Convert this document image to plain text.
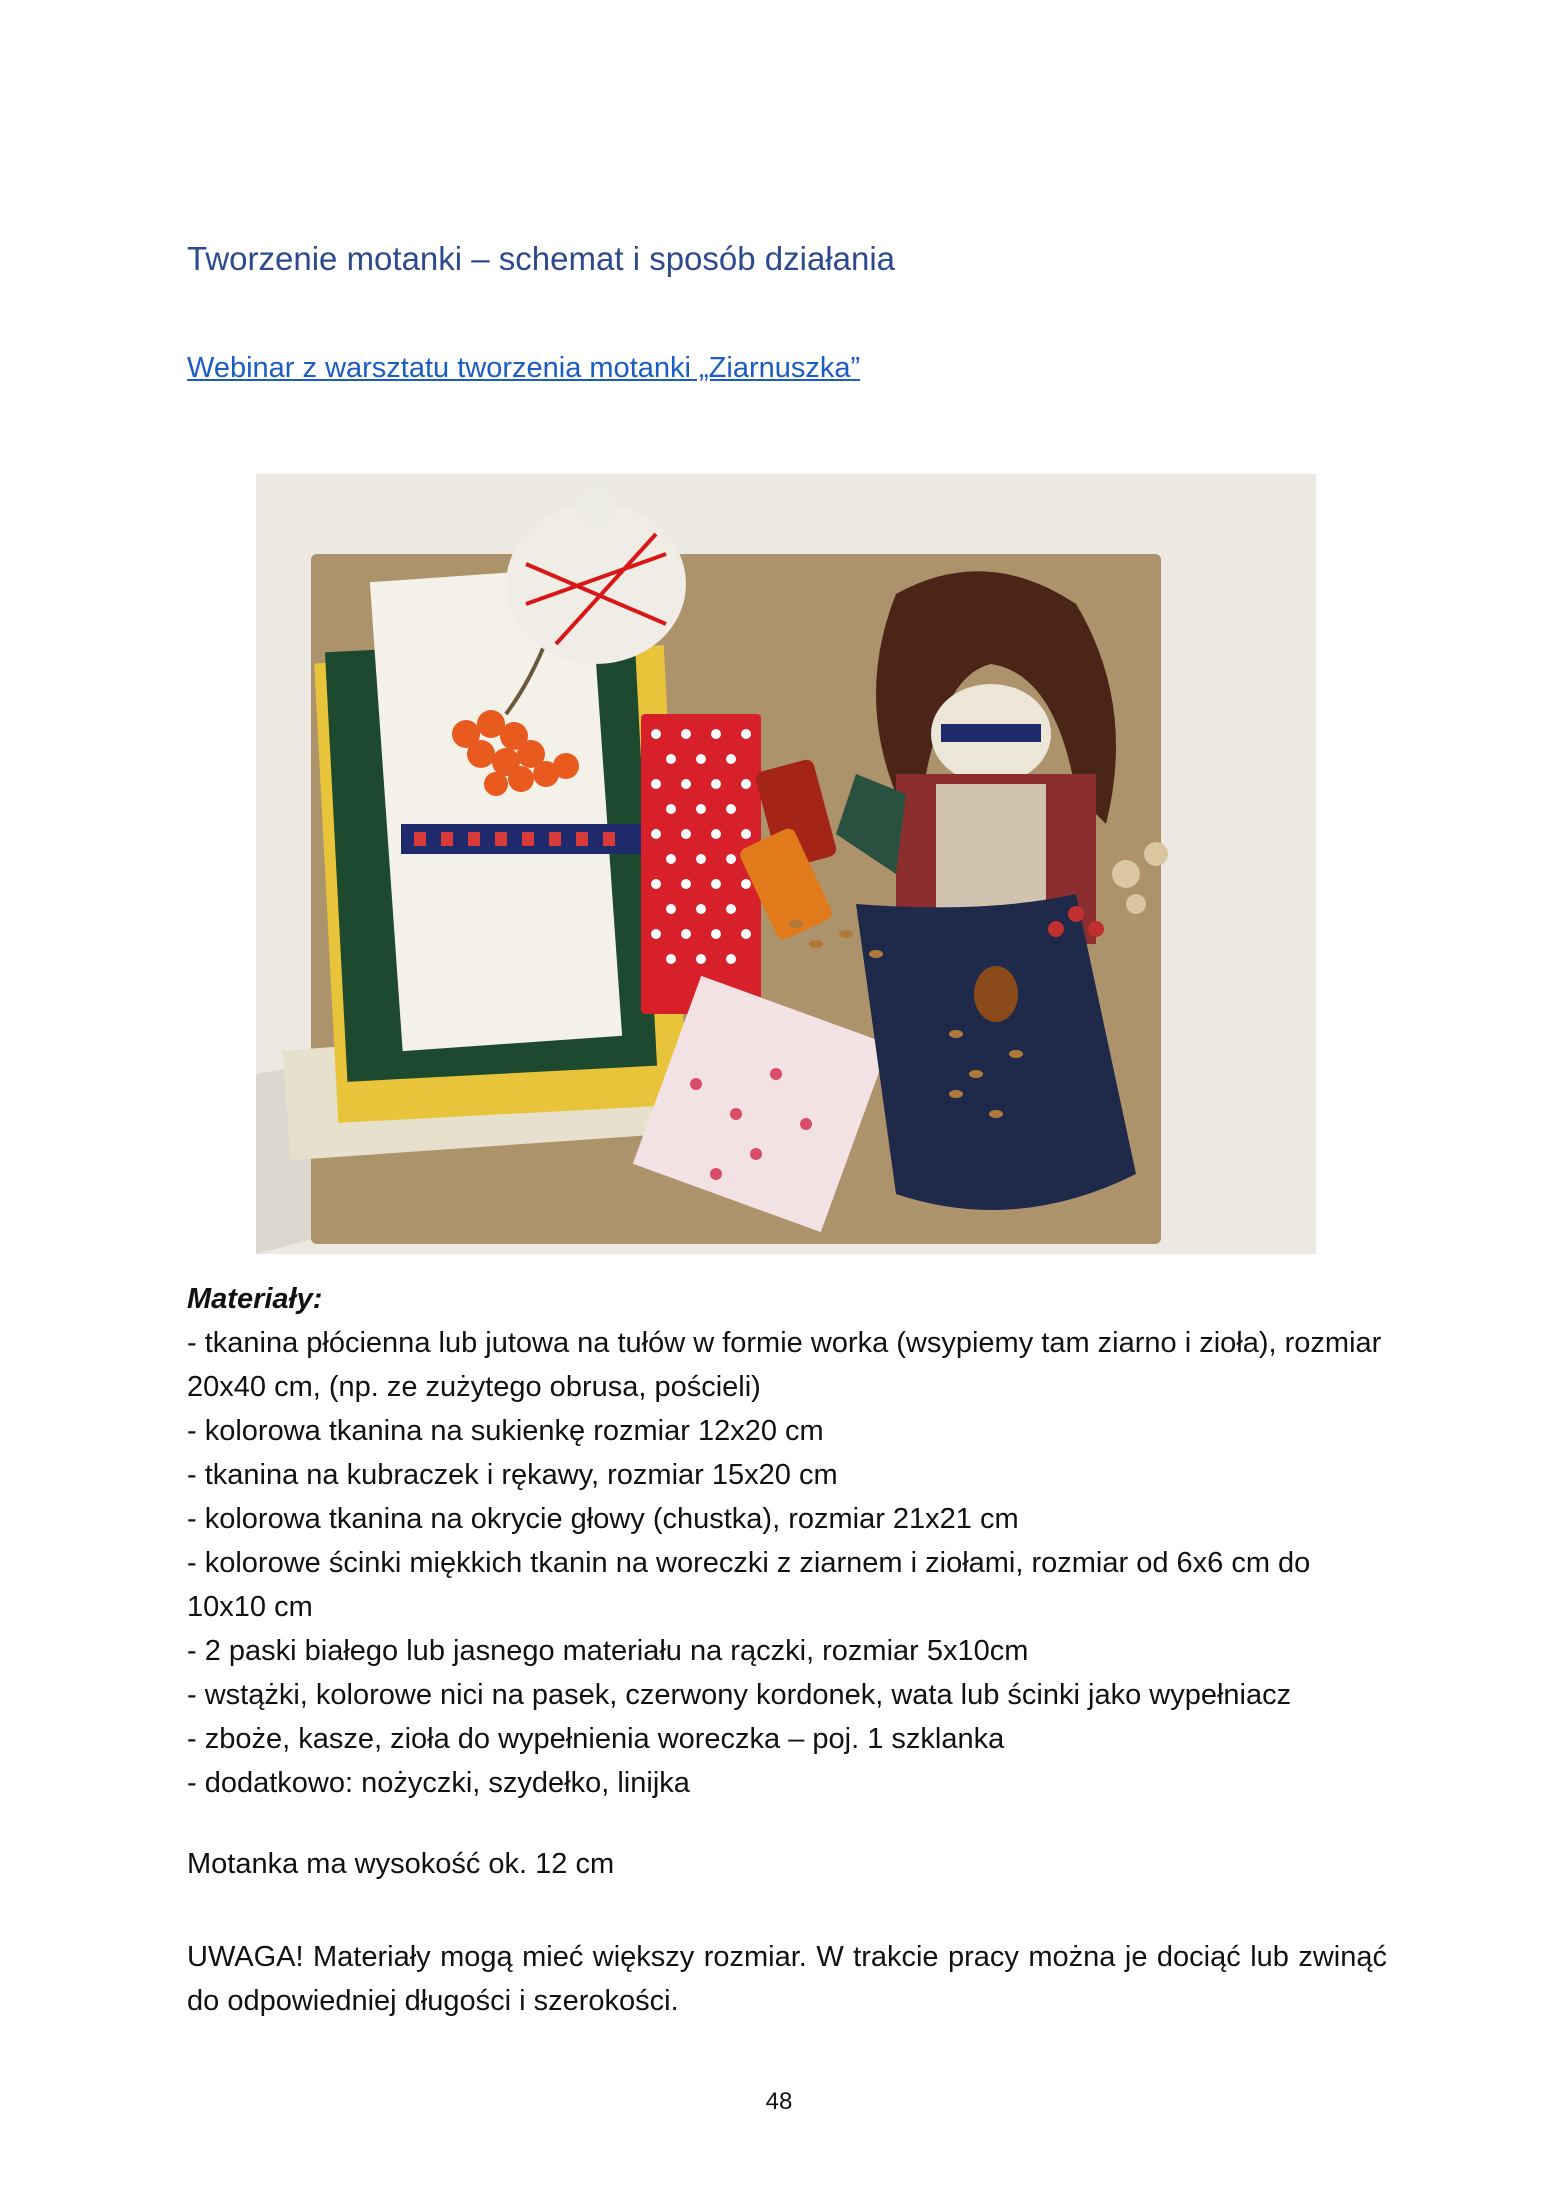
Tworzenie motanki – schemat i sposób działania
Webinar z warsztatu tworzenia motanki „Ziarnuszka”
Materiały:
- tkanina płócienna lub jutowa na tułów w formie worka (wsypiemy tam ziarno i zioła), rozmiar 20x40 cm, (np. ze zużytego obrusa, pościeli)
- kolorowa tkanina na sukienkę rozmiar 12x20 cm
- tkanina na kubraczek i rękawy, rozmiar 15x20 cm
- kolorowa tkanina na okrycie głowy (chustka), rozmiar 21x21 cm
- kolorowe ścinki miękkich tkanin na woreczki z ziarnem i ziołami, rozmiar od 6x6 cm do 10x10 cm
- 2 paski białego lub jasnego materiału na rączki, rozmiar 5x10cm
- wstążki, kolorowe nici na pasek, czerwony kordonek, wata lub ścinki jako wypełniacz
- zboże, kasze, zioła do wypełnienia woreczka – poj. 1 szklanka
- dodatkowo: nożyczki, szydełko, linijka
Motanka ma wysokość ok. 12 cm
UWAGA! Materiały mogą mieć większy rozmiar. W trakcie pracy można je dociąć lub zwinąć do odpowiedniej długości i szerokości.
48
